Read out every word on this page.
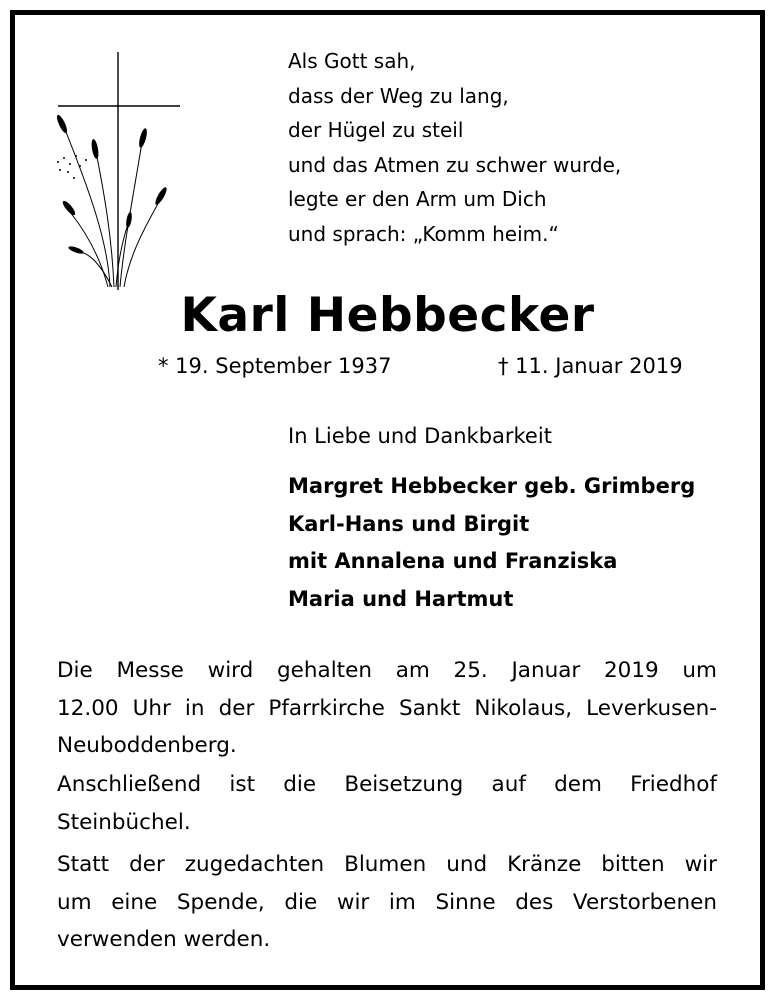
Als Gott sah,
dass der Weg zu lang,
der Hügel zu steil
und das Atmen zu schwer wurde,
legte er den Arm um Dich
und sprach: „Komm heim.“
Karl Hebbecker
* 19. September 1937	† 11. Januar 2019
In Liebe und Dankbarkeit
Margret Hebbecker geb. Grimberg
Karl-Hans und Birgit
mit Annalena und Franziska
Maria und Hartmut
Die Messe wird gehalten am 25. Januar 2019 um
12.00 Uhr in der Pfarrkirche Sankt Nikolaus, Leverkusen-
Neuboddenberg.
Anschließend ist die Beisetzung auf dem Friedhof
Steinbüchel.
Statt der zugedachten Blumen und Kränze bitten wir
um eine Spende, die wir im Sinne des Verstorbenen
verwenden werden.
